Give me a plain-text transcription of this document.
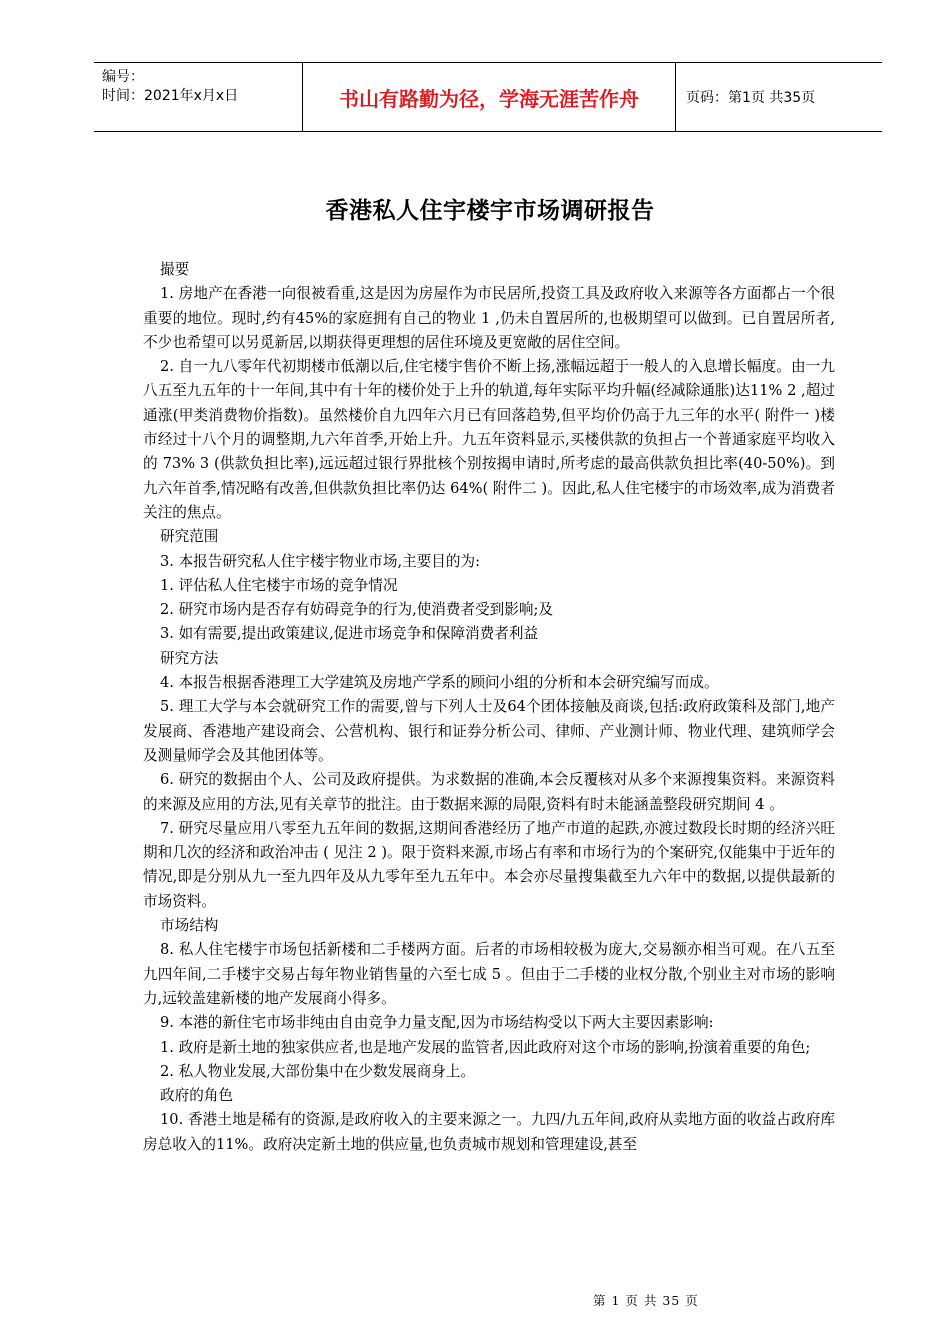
编号：
时间：2021年x月x日	书山有路勤为径，学海无涯苦作舟	页码：第1页 共35页
香港私人住宇楼宇市场调研报告

撮要

1. 房地产在香港一向很被看重,这是因为房屋作为市民居所,投资工具及政府收入来源等各方面都占一个很重要的地位。现时,约有45%的家庭拥有自己的物业 1 ,仍未自置居所的,也极期望可以做到。已自置居所者,不少也希望可以另觅新居,以期获得更理想的居住环境及更宽敞的居住空间。

2. 自一九八零年代初期楼市低潮以后,住宅楼宇售价不断上扬,涨幅远超于一般人的入息增长幅度。由一九八五至九五年的十一年间,其中有十年的楼价处于上升的轨道,每年实际平均升幅(经减除通胀)达11% 2 ,超过通涨(甲类消费物价指数)。虽然楼价自九四年六月已有回落趋势,但平均价仍高于九三年的水平( 附件一 )楼市经过十八个月的调整期,九六年首季,开始上升。九五年资料显示,买楼供款的负担占一个普通家庭平均收入的 73% 3 (供款负担比率),远远超过银行界批核个别按揭申请时,所考虑的最高供款负担比率(40-50%)。到九六年首季,情况略有改善,但供款负担比率仍达 64%( 附件二 )。因此,私人住宅楼宇的市场效率,成为消费者关注的焦点。

研究范围

3. 本报告研究私人住宇楼宇物业市场,主要目的为:

1. 评估私人住宅楼宇市场的竞争情况

2. 研究市场内是否存有妨碍竞争的行为,使消费者受到影响;及

3. 如有需要,提出政策建议,促进市场竞争和保障消费者利益

研究方法

4. 本报告根据香港理工大学建筑及房地产学系的顾问小组的分析和本会研究编写而成。

5. 理工大学与本会就研究工作的需要,曾与下列人士及64个团体接触及商谈,包括:政府政策科及部门,地产发展商、香港地产建设商会、公营机构、银行和证券分析公司、律师、产业测计师、物业代理、建筑师学会及测量师学会及其他团体等。

6. 研究的数据由个人、公司及政府提供。为求数据的准确,本会反覆核对从多个来源搜集资料。来源资料的来源及应用的方法,见有关章节的批注。由于数据来源的局限,资料有时未能涵盖整段研究期间 4 。

7. 研究尽量应用八零至九五年间的数据,这期间香港经历了地产市道的起跌,亦渡过数段长时期的经济兴旺期和几次的经济和政治冲击 ( 见注 2 )。限于资料来源,市场占有率和市场行为的个案研究,仅能集中于近年的情况,即是分别从九一至九四年及从九零年至九五年中。本会亦尽量搜集截至九六年中的数据,以提供最新的市场资料。

市场结构

8. 私人住宅楼宇市场包括新楼和二手楼两方面。后者的市场相较极为庞大,交易额亦相当可观。在八五至九四年间,二手楼宇交易占每年物业销售量的六至七成 5 。但由于二手楼的业权分散,个别业主对市场的影响力,远较盖建新楼的地产发展商小得多。

9. 本港的新住宅市场非纯由自由竞争力量支配,因为市场结构受以下两大主要因素影响:

1. 政府是新土地的独家供应者,也是地产发展的监管者,因此政府对这个市场的影响,扮演着重要的角色;

2. 私人物业发展,大部份集中在少数发展商身上。

政府的角色

10. 香港土地是稀有的资源,是政府收入的主要来源之一。九四/九五年间,政府从卖地方面的收益占政府库房总收入的11%。政府决定新土地的供应量,也负责城市规划和管理建设,甚至

第 1 页 共 35 页
